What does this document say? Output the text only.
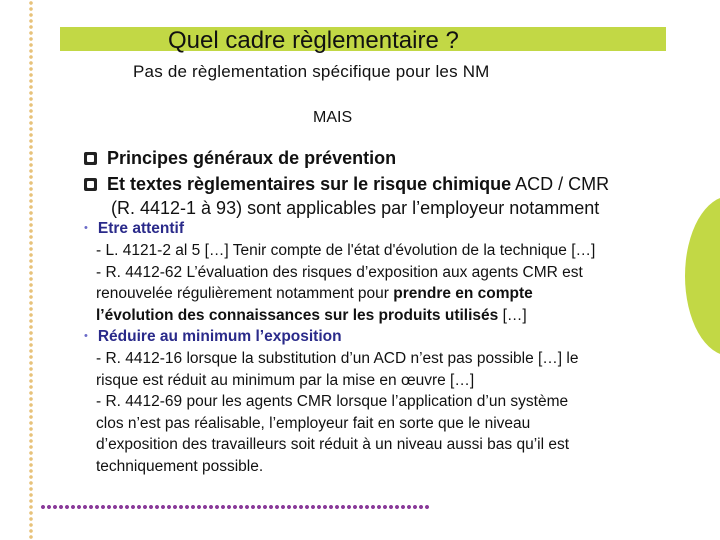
Quel cadre règlementaire ?
Pas de règlementation spécifique pour les NM
MAIS
Principes généraux de prévention
Et textes règlementaires sur le risque chimique ACD / CMR
(R. 4412-1 à 93) sont applicables par l’employeur notamment
• Etre attentif
- L. 4121-2 al 5 […] Tenir compte de l'état d'évolution de la technique […]
- R. 4412-62 L’évaluation des risques d’exposition aux agents CMR est
renouvelée régulièrement notamment pour prendre en compte
l’évolution des connaissances sur les produits utilisés […]
• Réduire au minimum l’exposition
- R. 4412-16 lorsque la substitution d’un ACD n’est pas possible […] le
risque est réduit au minimum par la mise en œuvre […]
- R. 4412-69 pour les agents CMR lorsque l’application d’un système
clos n’est pas réalisable, l’employeur fait en sorte que le niveau
d’exposition des travailleurs soit réduit à un niveau aussi bas qu’il est
techniquement possible.
